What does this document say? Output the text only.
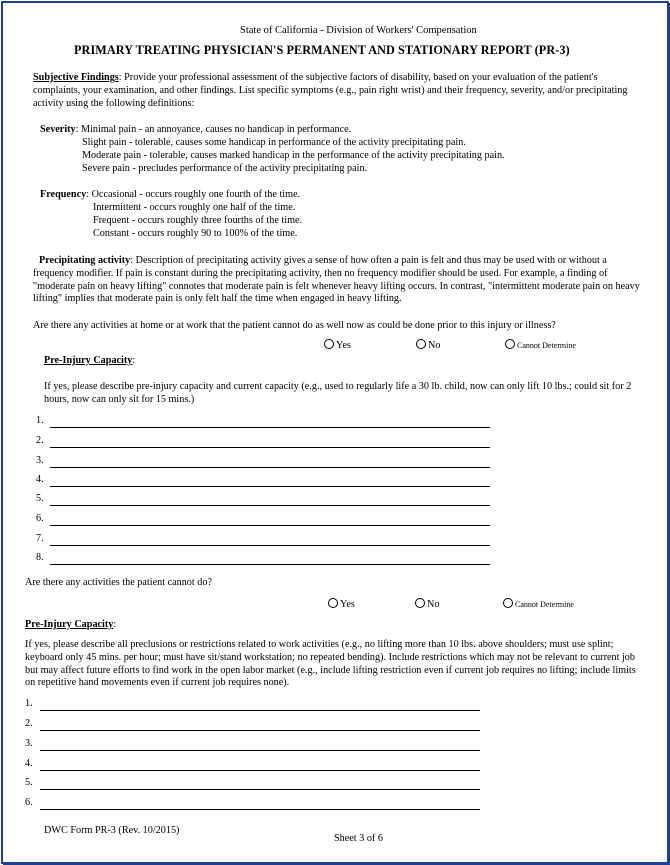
State of California - Division of Workers' Compensation
PRIMARY TREATING PHYSICIAN'S PERMANENT AND STATIONARY REPORT (PR-3)
Subjective Findings: Provide your professional assessment of the subjective factors of disability, based on your evaluation of the patient's complaints, your examination, and other findings. List specific symptoms (e.g., pain right wrist) and their frequency, severity, and/or precipitating activity using the following definitions:
Severity: Minimal pain - an annoyance, causes no handicap in performance.
Slight pain - tolerable, causes some handicap in performance of the activity precipitating pain.
Moderate pain - tolerable, causes marked handicap in the performance of the activity precipitating pain.
Severe pain - precludes performance of the activity precipitating pain.
Frequency: Occasional - occurs roughly one fourth of the time.
Intermittent - occurs roughly one half of the time.
Frequent - occurs roughly three fourths of the time.
Constant - occurs roughly 90 to 100% of the time.
Precipitating activity: Description of precipitating activity gives a sense of how often a pain is felt and thus may be used with or without a frequency modifier. If pain is constant during the precipitating activity, then no frequency modifier should be used. For example, a finding of "moderate pain on heavy lifting" connotes that moderate pain is felt whenever heavy lifting occurs. In contrast, "intermittent moderate pain on heavy lifting" implies that moderate pain is only felt half the time when engaged in heavy lifting.
Are there any activities at home or at work that the patient cannot do as well now as could be done prior to this injury or illness?
Yes	No	Cannot Determine
Pre-Injury Capacity:
If yes, please describe pre-injury capacity and current capacity (e.g., used to regularly life a 30 lb. child, now can only lift 10 lbs.; could sit for 2 hours, now can only sit for 15 mins.)
1.
2.
3.
4.
5.
6.
7.
8.
Are there any activities the patient cannot do?
Yes	No	Cannot Determine
Pre-Injury Capacity:
If yes, please describe all preclusions or restrictions related to work activities (e.g., no lifting more than 10 lbs. above shoulders; must use splint; keyboard only 45 mins. per hour; must have sit/stand workstation; no repeated bending). Include restrictions which may not be relevant to current job but may affect future efforts to find work in the open labor market (e.g., include lifting restriction even if current job requires no lifting; include limits on repetitive hand movements even if current job requires none).
1.
2.
3.
4.
5.
6.
DWC Form PR-3 (Rev. 10/2015)
Sheet 3 of 6
